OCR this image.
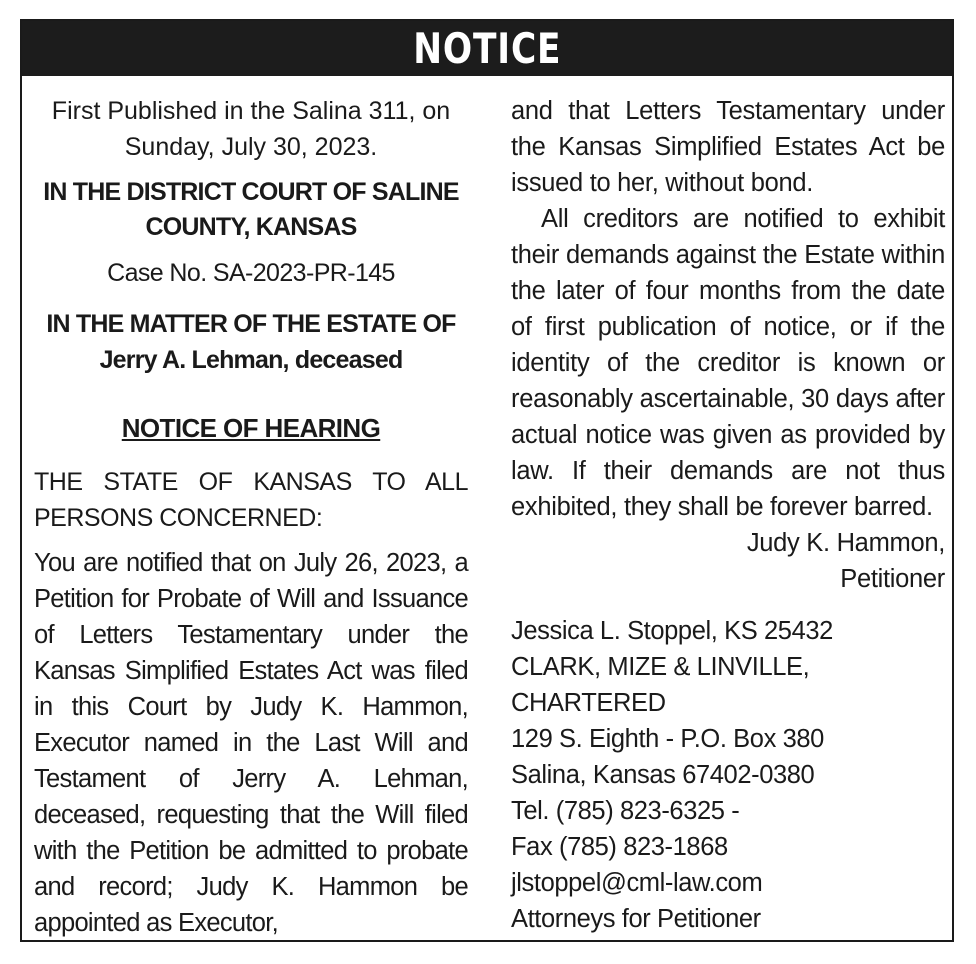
NOTICE
First Published in the Salina 311, on Sunday, July 30, 2023.
IN THE DISTRICT COURT OF SALINE COUNTY, KANSAS
Case No. SA-2023-PR-145
IN THE MATTER OF THE ESTATE OF
Jerry A. Lehman, deceased
NOTICE OF HEARING
THE STATE OF KANSAS TO ALL PERSONS CONCERNED:
You are notified that on July 26, 2023, a Petition for Probate of Will and Issuance of Letters Testamentary under the Kansas Simplified Estates Act was filed in this Court by Judy K. Hammon, Executor named in the Last Will and Testament of Jerry A. Lehman, deceased, requesting that the Will filed with the Petition be admitted to probate and record; Judy K. Hammon be appointed as Executor,
and that Letters Testamentary under the Kansas Simplified Estates Act be issued to her, without bond.
All creditors are notified to exhibit their demands against the Estate within the later of four months from the date of first publication of notice, or if the identity of the creditor is known or reasonably ascertainable, 30 days after actual notice was given as provided by law. If their demands are not thus exhibited, they shall be forever barred.
Judy K. Hammon,
Petitioner
Jessica L. Stoppel, KS 25432
CLARK, MIZE & LINVILLE, CHARTERED
129 S. Eighth - P.O. Box 380
Salina, Kansas 67402-0380
Tel. (785) 823-6325 -
Fax (785) 823-1868
jlstoppel@cml-law.com
Attorneys for Petitioner
